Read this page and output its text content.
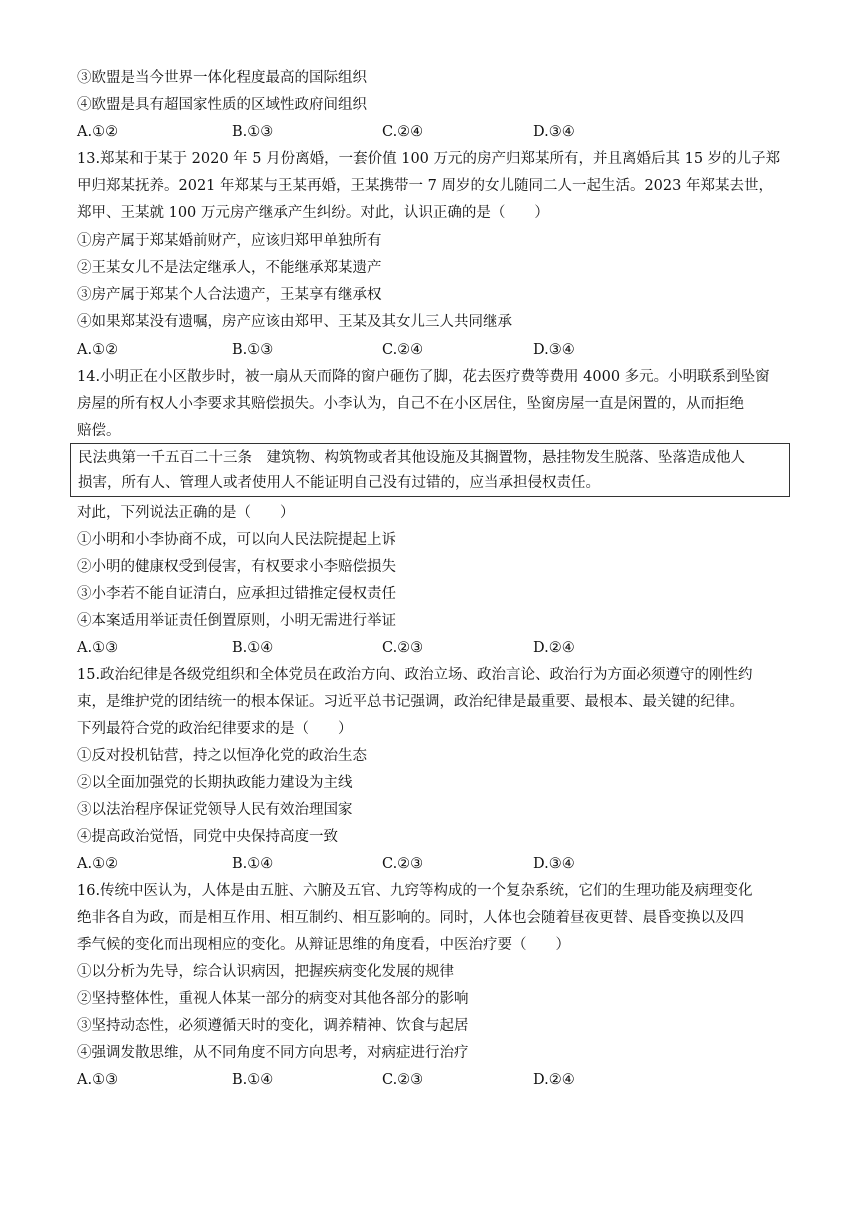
③欧盟是当今世界一体化程度最高的国际组织
④欧盟是具有超国家性质的区域性政府间组织
A.①②	B.①③	C.②④	D.③④
13.郑某和于某于 2020 年 5 月份离婚，一套价值 100 万元的房产归郑某所有，并且离婚后其 15 岁的儿子郑
甲归郑某抚养。2021 年郑某与王某再婚，王某携带一 7 周岁的女儿随同二人一起生活。2023 年郑某去世，
郑甲、王某就 100 万元房产继承产生纠纷。对此，认识正确的是（　　）
①房产属于郑某婚前财产，应该归郑甲单独所有
②王某女儿不是法定继承人，不能继承郑某遗产
③房产属于郑某个人合法遗产，王某享有继承权
④如果郑某没有遗嘱，房产应该由郑甲、王某及其女儿三人共同继承
A.①②	B.①③	C.②④	D.③④
14.小明正在小区散步时，被一扇从天而降的窗户砸伤了脚，花去医疗费等费用 4000 多元。小明联系到坠窗
房屋的所有权人小李要求其赔偿损失。小李认为，自己不在小区居住，坠窗房屋一直是闲置的，从而拒绝
赔偿。
民法典第一千五百二十三条　建筑物、构筑物或者其他设施及其搁置物，悬挂物发生脱落、坠落造成他人
损害，所有人、管理人或者使用人不能证明自己没有过错的，应当承担侵权责任。
对此，下列说法正确的是（　　）
①小明和小李协商不成，可以向人民法院提起上诉
②小明的健康权受到侵害，有权要求小李赔偿损失
③小李若不能自证清白，应承担过错推定侵权责任
④本案适用举证责任倒置原则，小明无需进行举证
A.①③	B.①④	C.②③	D.②④
15.政治纪律是各级党组织和全体党员在政治方向、政治立场、政治言论、政治行为方面必须遵守的刚性约
束，是维护党的团结统一的根本保证。习近平总书记强调，政治纪律是最重要、最根本、最关键的纪律。
下列最符合党的政治纪律要求的是（　　）
①反对投机钻营，持之以恒净化党的政治生态
②以全面加强党的长期执政能力建设为主线
③以法治程序保证党领导人民有效治理国家
④提高政治觉悟，同党中央保持高度一致
A.①②	B.①④	C.②③	D.③④
16.传统中医认为，人体是由五脏、六腑及五官、九窍等构成的一个复杂系统，它们的生理功能及病理变化
绝非各自为政，而是相互作用、相互制约、相互影响的。同时，人体也会随着昼夜更替、晨昏变换以及四
季气候的变化而出现相应的变化。从辩证思维的角度看，中医治疗要（　　）
①以分析为先导，综合认识病因，把握疾病变化发展的规律
②坚持整体性，重视人体某一部分的病变对其他各部分的影响
③坚持动态性，必须遵循天时的变化，调养精神、饮食与起居
④强调发散思维，从不同角度不同方向思考，对病症进行治疗
A.①③	B.①④	C.②③	D.②④
